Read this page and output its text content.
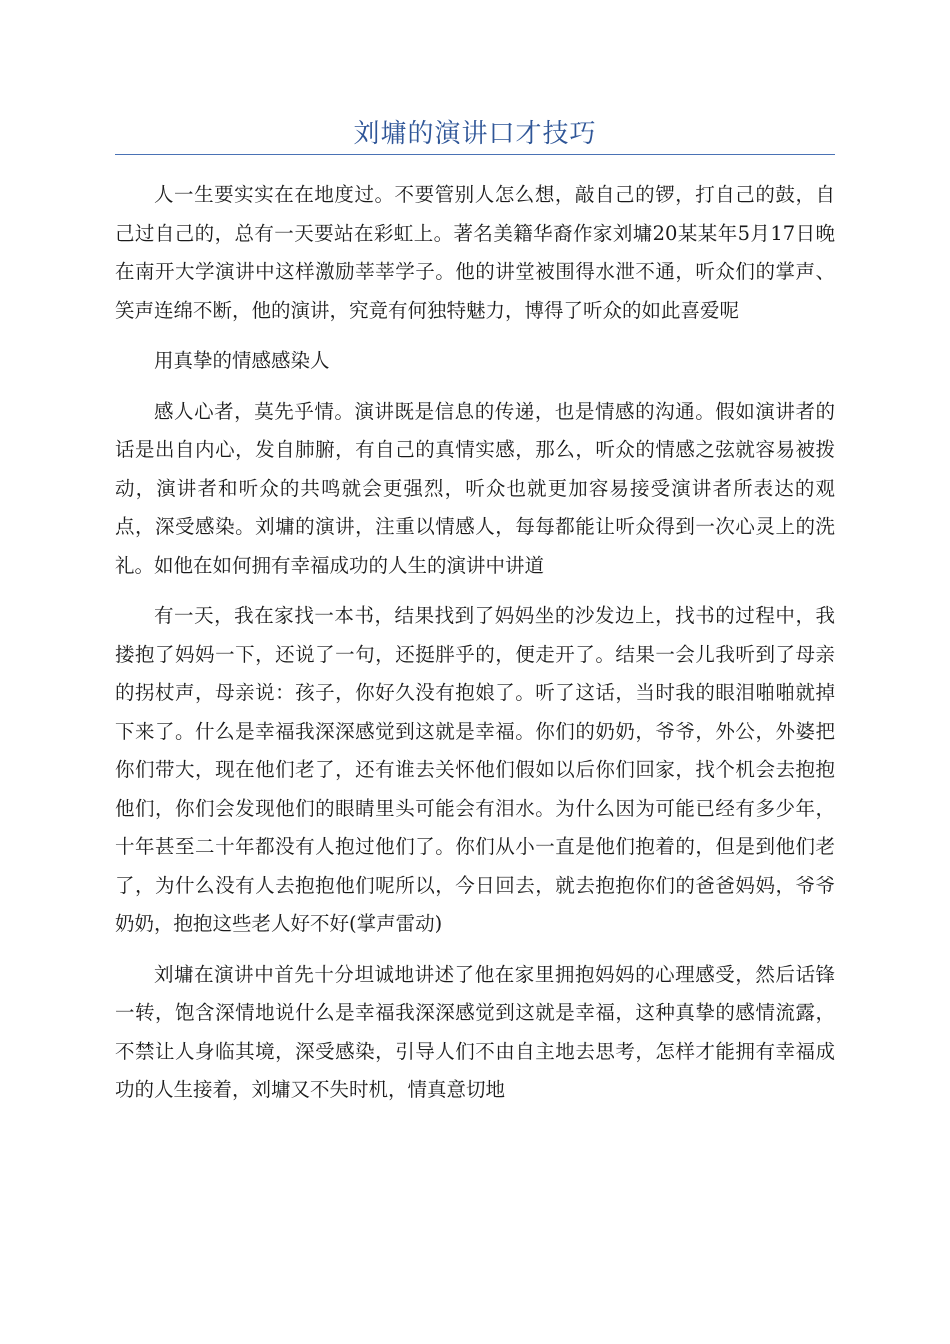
刘墉的演讲口才技巧

人一生要实实在在地度过。不要管别人怎么想，敲自己的锣，打自己的鼓，自己过自己的，总有一天要站在彩虹上。著名美籍华裔作家刘墉20某某年5月17日晚在南开大学演讲中这样激励莘莘学子。他的讲堂被围得水泄不通，听众们的掌声、笑声连绵不断，他的演讲，究竟有何独特魅力，博得了听众的如此喜爱呢

用真挚的情感感染人

感人心者，莫先乎情。演讲既是信息的传递，也是情感的沟通。假如演讲者的话是出自内心，发自肺腑，有自己的真情实感，那么，听众的情感之弦就容易被拨动，演讲者和听众的共鸣就会更强烈，听众也就更加容易接受演讲者所表达的观点，深受感染。刘墉的演讲，注重以情感人，每每都能让听众得到一次心灵上的洗礼。如他在如何拥有幸福成功的人生的演讲中讲道

有一天，我在家找一本书，结果找到了妈妈坐的沙发边上，找书的过程中，我搂抱了妈妈一下，还说了一句，还挺胖乎的，便走开了。结果一会儿我听到了母亲的拐杖声，母亲说：孩子，你好久没有抱娘了。听了这话，当时我的眼泪啪啪就掉下来了。什么是幸福我深深感觉到这就是幸福。你们的奶奶，爷爷，外公，外婆把你们带大，现在他们老了，还有谁去关怀他们假如以后你们回家，找个机会去抱抱他们，你们会发现他们的眼睛里头可能会有泪水。为什么因为可能已经有多少年，十年甚至二十年都没有人抱过他们了。你们从小一直是他们抱着的，但是到他们老了，为什么没有人去抱抱他们呢所以，今日回去，就去抱抱你们的爸爸妈妈，爷爷奶奶，抱抱这些老人好不好(掌声雷动)

刘墉在演讲中首先十分坦诚地讲述了他在家里拥抱妈妈的心理感受，然后话锋一转，饱含深情地说什么是幸福我深深感觉到这就是幸福，这种真挚的感情流露，不禁让人身临其境，深受感染，引导人们不由自主地去思考，怎样才能拥有幸福成功的人生接着，刘墉又不失时机，情真意切地
